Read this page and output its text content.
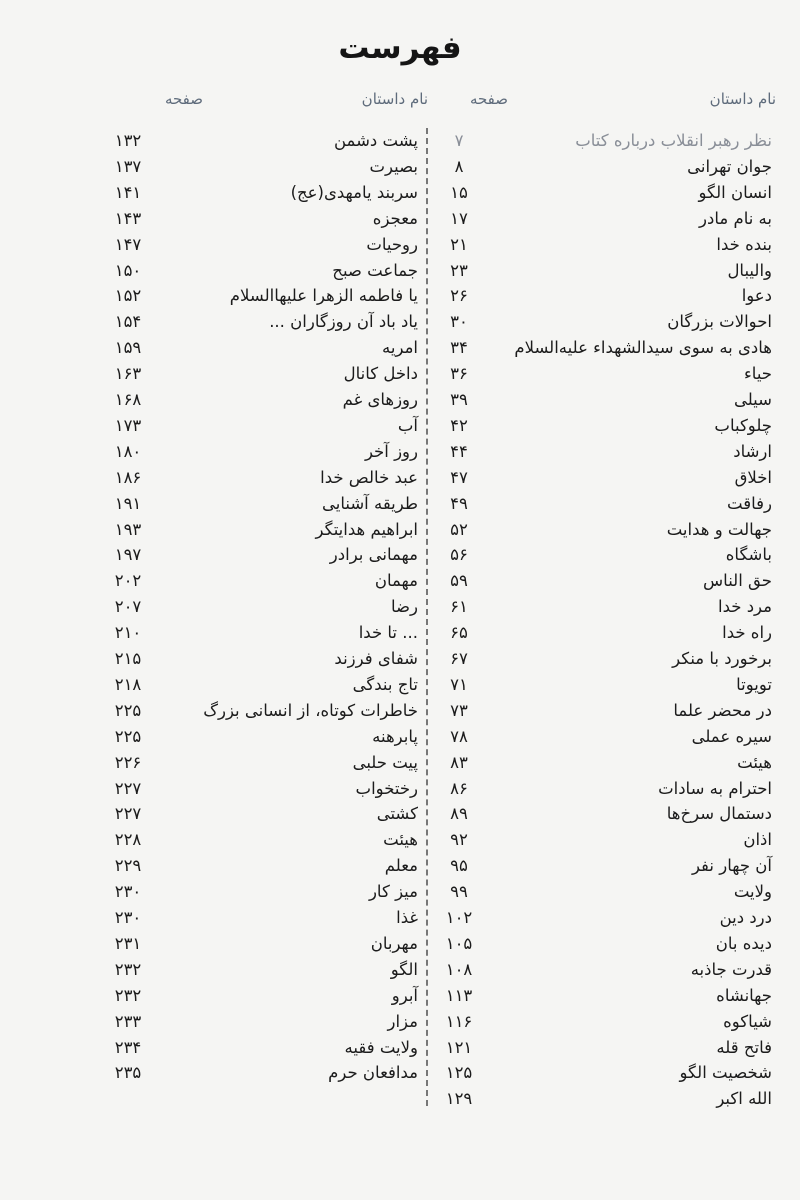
فهرست
نام داستان
صفحه
نام داستان
صفحه
نظر رهبر انقلاب درباره کتاب
۷
جوان تهرانی
۸
انسان الگو
۱۵
به نام مادر
۱۷
بنده خدا
۲۱
والیبال
۲۳
دعوا
۲۶
احوالات بزرگان
۳۰
هادی به سوی سیدالشهداء عليه‌السلام
۳۴
حیاء
۳۶
سیلی
۳۹
چلوکباب
۴۲
ارشاد
۴۴
اخلاق
۴۷
رفاقت
۴۹
جهالت و هدایت
۵۲
باشگاه
۵۶
حق الناس
۵۹
مرد خدا
۶۱
راه خدا
۶۵
برخورد با منکر
۶۷
تویوتا
۷۱
در محضر علما
۷۳
سیره عملی
۷۸
هیئت
۸۳
احترام به سادات
۸۶
دستمال سرخ‌ها
۸۹
اذان
۹۲
آن چهار نفر
۹۵
ولایت
۹۹
درد دین
۱۰۲
دیده بان
۱۰۵
قدرت جاذبه
۱۰۸
جهانشاه
۱۱۳
شیاکوه
۱۱۶
فاتح قله
۱۲۱
شخصیت الگو
۱۲۵
الله اکبر
۱۲۹
پشت دشمن
۱۳۲
بصیرت
۱۳۷
سربند یامهدی(عج)
۱۴۱
معجزه
۱۴۳
روحیات
۱۴۷
جماعت صبح
۱۵۰
یا فاطمه الزهرا عليهاالسلام
۱۵۲
یاد باد آن روزگاران ...
۱۵۴
امریه
۱۵۹
داخل کانال
۱۶۳
روزهای غم
۱۶۸
آب
۱۷۳
روز آخر
۱۸۰
عبد خالص خدا
۱۸۶
طریقه آشنایی
۱۹۱
ابراهیم هدایتگر
۱۹۳
مهمانی برادر
۱۹۷
مهمان
۲۰۲
رضا
۲۰۷
... تا خدا
۲۱۰
شفای فرزند
۲۱۵
تاج بندگی
۲۱۸
خاطرات کوتاه، از انسانی بزرگ
۲۲۵
پابرهنه
۲۲۵
پیت حلبی
۲۲۶
رختخواب
۲۲۷
کشتی
۲۲۷
هیئت
۲۲۸
معلم
۲۲۹
میز کار
۲۳۰
غذا
۲۳۰
مهربان
۲۳۱
الگو
۲۳۲
آبرو
۲۳۲
مزار
۲۳۳
ولایت فقیه
۲۳۴
مدافعان حرم
۲۳۵
